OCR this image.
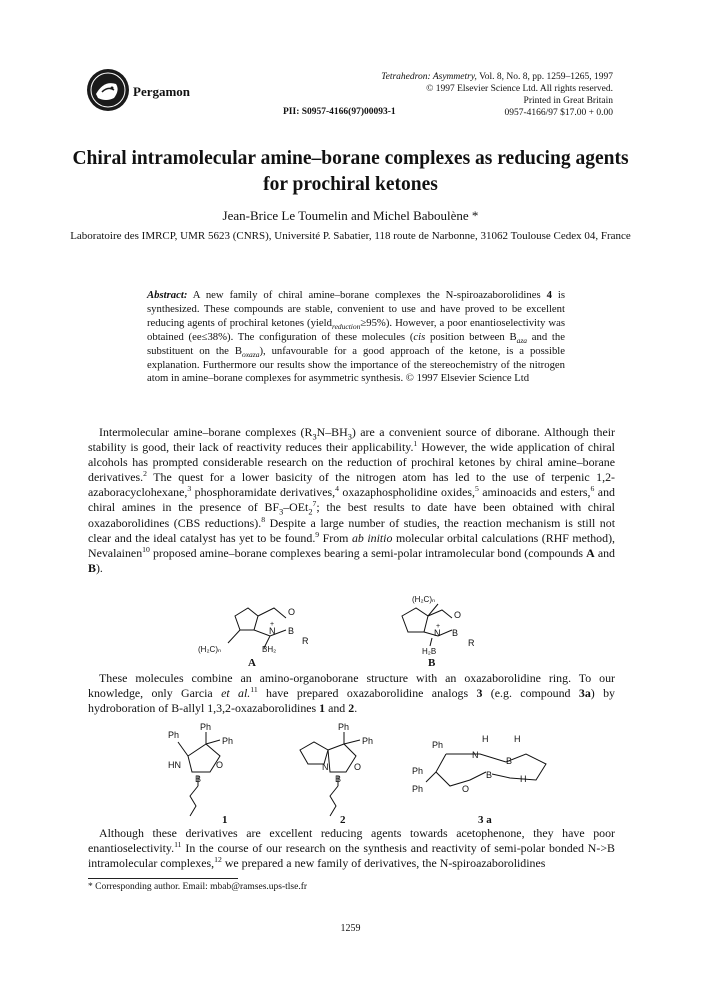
Pergamon
Tetrahedron: Asymmetry, Vol. 8, No. 8, pp. 1259–1265, 1997
© 1997 Elsevier Science Ltd. All rights reserved.
Printed in Great Britain
0957-4166/97 $17.00 + 0.00
PII: S0957-4166(97)00093-1
Chiral intramolecular amine–borane complexes as reducing agents for prochiral ketones
Jean-Brice Le Toumelin and Michel Baboulène *
Laboratoire des IMRCP, UMR 5623 (CNRS), Université P. Sabatier, 118 route de Narbonne, 31062 Toulouse Cedex 04, France
Abstract: A new family of chiral amine–borane complexes the N-spiroazaborolidines 4 is synthesized. These compounds are stable, convenient to use and have proved to be excellent reducing agents of prochiral ketones (yield$_{reduction}$≥95%). However, a poor enantioselectivity was obtained (ee≤38%). The configuration of these molecules (cis position between $B_{aza}$ and the substituent on the $B_{oxaza}$), unfavourable for a good approach of the ketone, is a possible explanation. Furthermore our results show the importance of the stereochemistry of the nitrogen atom in amine–borane complexes for asymmetric synthesis. © 1997 Elsevier Science Ltd
Intermolecular amine–borane complexes $(R_3N-BH_3)$ are a convenient source of diborane. Although their stability is good, their lack of reactivity reduces their applicability.$^1$ However, the wide application of chiral alcohols has prompted considerable research on the reduction of prochiral ketones by chiral amine–borane derivatives.$^2$ The quest for a lower basicity of the nitrogen atom has led to the use of terpenic 1,2-azaboracyclohexane,$^3$ phosphoramidate derivatives,$^4$ oxazaphospholidine oxides,$^5$ aminoacids and esters,$^6$ and chiral amines in the presence of $BF_3-OEt_2^7$; the best results to date have been obtained with chiral oxazaborolidines (CBS reductions).$^8$ Despite a large number of studies, the reaction mechanism is still not clear and the ideal catalyst has yet to be found.$^9$ From ab initio molecular orbital calculations (RHF method), Nevalainen$^{10}$ proposed amine–borane complexes bearing a semi-polar intramolecular bond (compounds A and B).
O
N
+
B
R
(H₂C)ₙ	BH₂
A
(H₂C)ₙ
O
N
+
B
R
H₂B
B
These molecules combine an amino-organoborane structure with an oxazaborolidine ring. To our knowledge, only Garcia et al.$^{11}$ have prepared oxazaborolidine analogs 3 (e.g. compound 3a) by hydroboration of B-allyl 1,3,2-oxazaborolidines 1 and 2.
Ph
Ph
Ph
HN	O
B
1
Ph
Ph
N	O
B
2
Ph
H	H
N
B
Ph	B	H
Ph	O
3 a
Although these derivatives are excellent reducing agents towards acetophenone, they have poor enantioselectivity.$^{11}$ In the course of our research on the synthesis and reactivity of semi-polar bonded N->B intramolecular complexes,$^{12}$ we prepared a new family of derivatives, the N-spiroazaborolidines
* Corresponding author. Email: mbab@ramses.ups-tlse.fr
1259
